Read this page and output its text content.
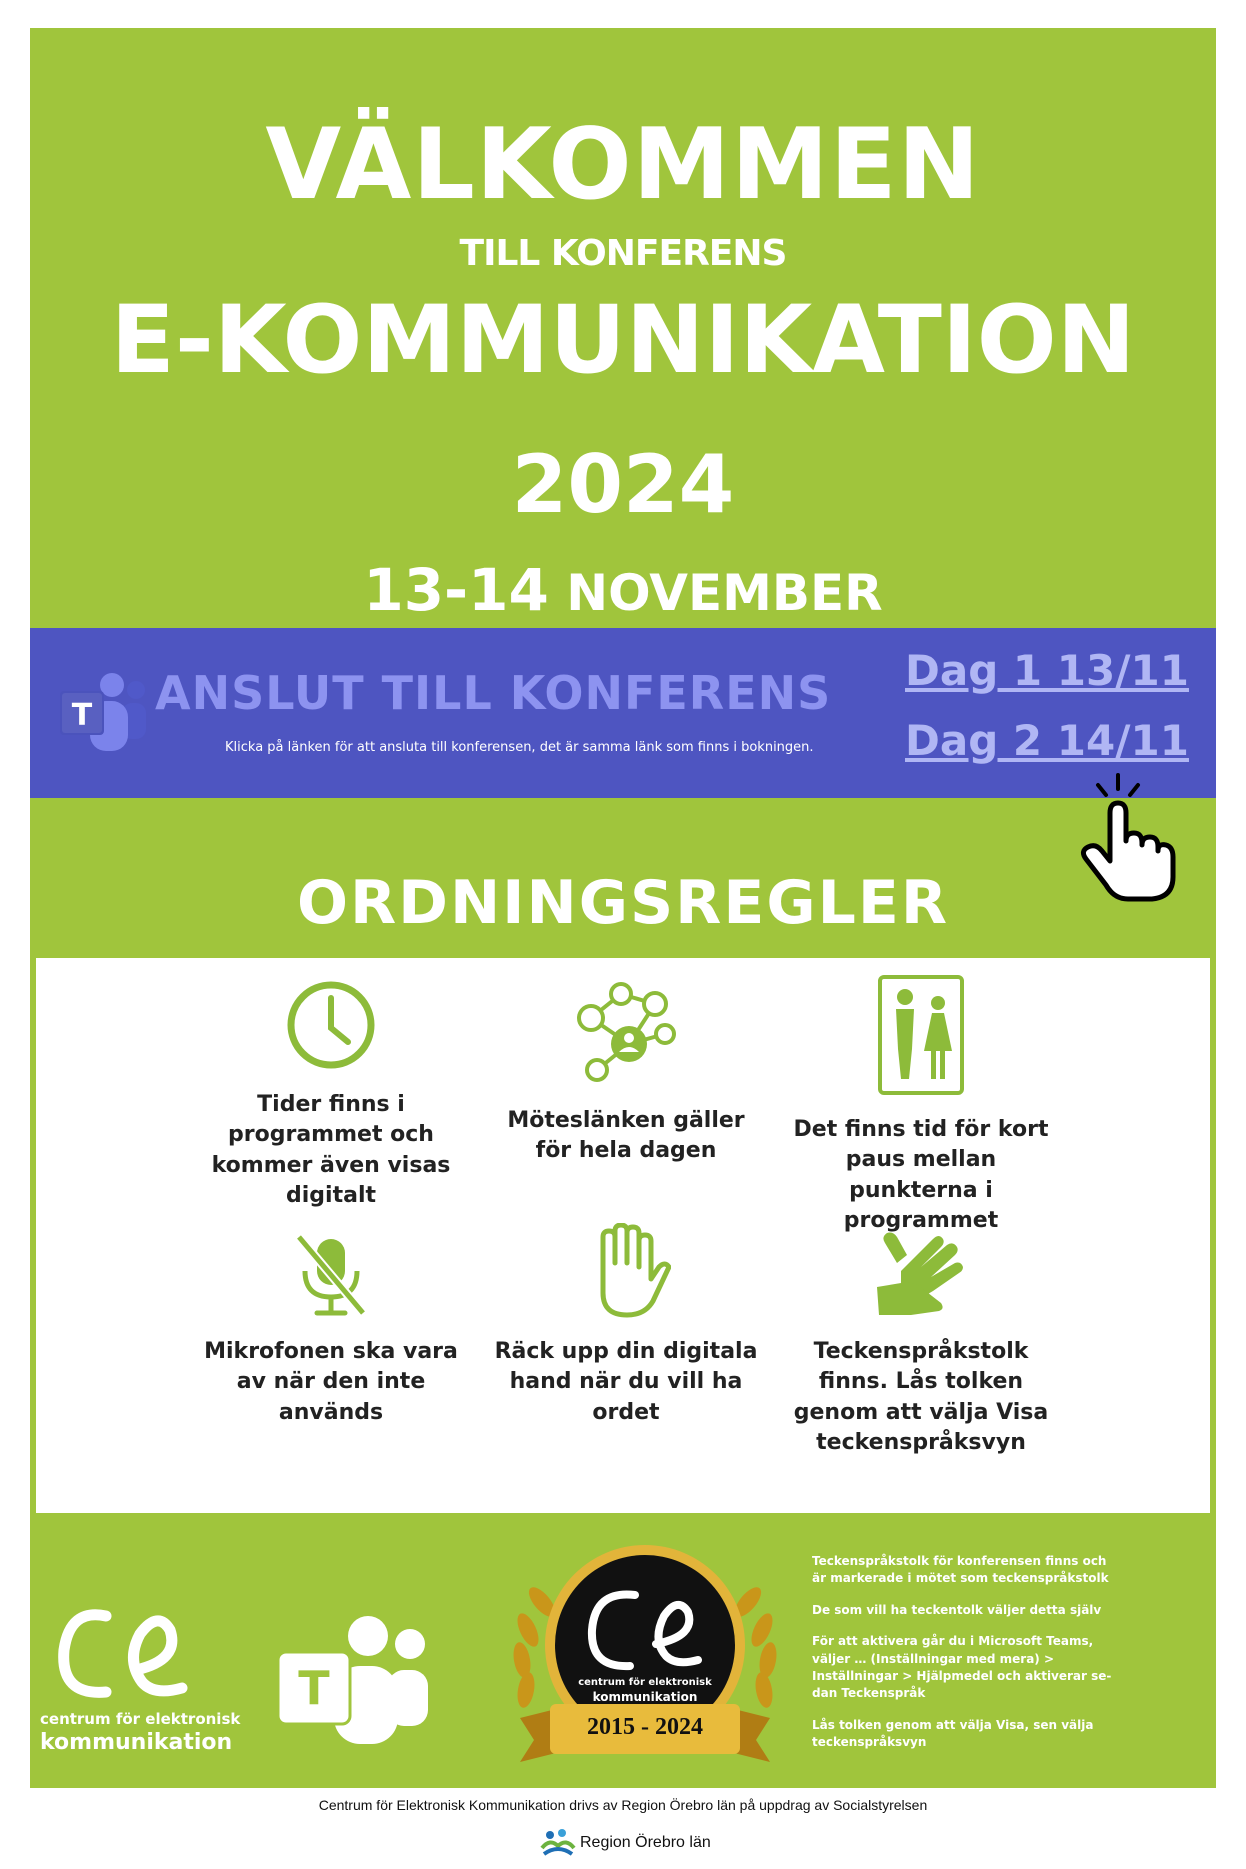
VÄLKOMMEN
TILL KONFERENS
E-KOMMUNIKATION
2024
13-14 NOVEMBER
T ANSLUT TILL KONFERENS
Klicka på länken för att ansluta till konferensen, det är samma länk som finns i bokningen.
Dag 1 13/11
Dag 2 14/11
ORDNINGSREGLER

Tider finns i programmet och kommer även visas digitalt

Möteslänken gäller för hela dagen

Det finns tid för kort paus mellan punkterna i programmet

Mikrofonen ska vara av när den inte används

Räck upp din digitala hand när du vill ha ordet

Teckenspråkstolk finns. Lås tolken genom att välja Visa teckenspråksvyn

centrum för elektronisk
kommunikation
T	centrum för elektronisk
kommunikation
2015 - 2024

Teckenspråkstolk för konferensen finns och är markerade i mötet som teckenspråkstolk

De som vill ha teckentolk väljer detta själv

För att aktivera går du i Microsoft Teams, väljer … (Inställningar med mera) > Inställningar > Hjälpmedel och aktiverar se-dan Teckenspråk

Lås tolken genom att välja Visa, sen välja teckenspråksvyn

Centrum för Elektronisk Kommunikation drivs av Region Örebro län på uppdrag av Socialstyrelsen
Region Örebro län
